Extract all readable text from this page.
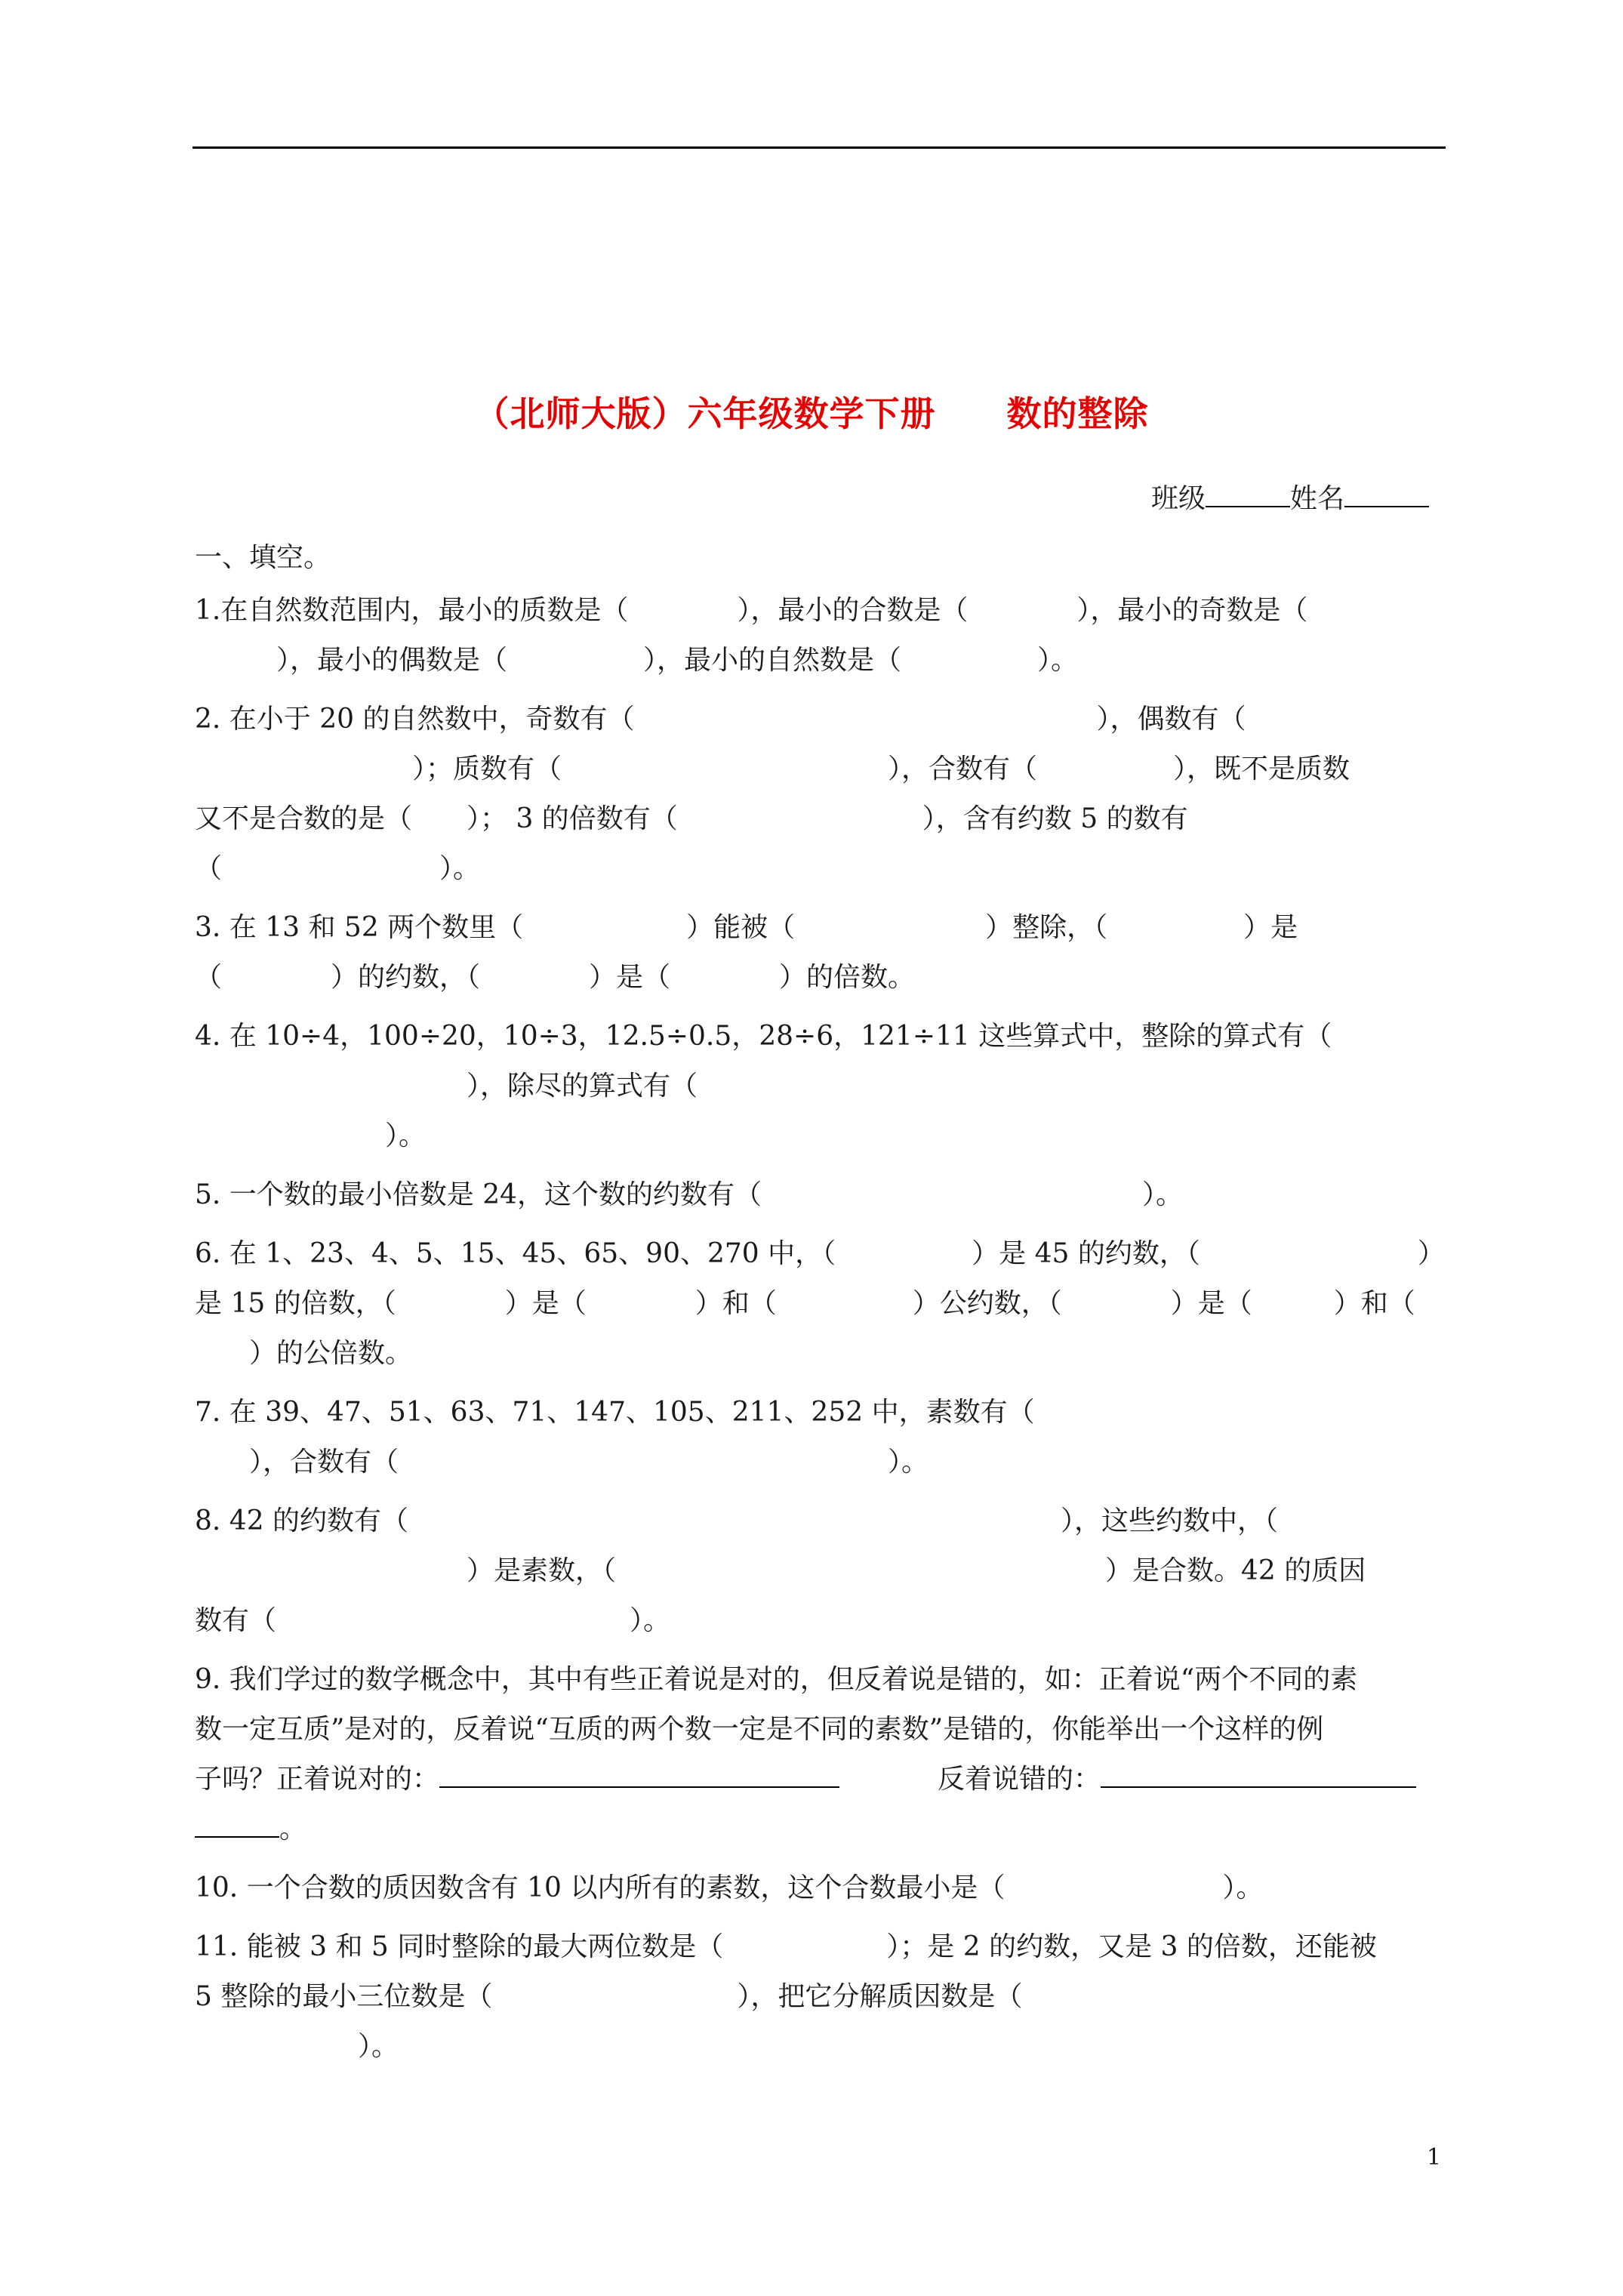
（北师大版）六年级数学下册　　数的整除
班级	姓名
一、填空。
1.在自然数范围内，最小的质数是（　　　　），最小的合数是（　　　　），最小的奇数是（
　　　），最小的偶数是（　　　　　），最小的自然数是（　　　　　）。
2. 在小于 20 的自然数中，奇数有（　　　　　　　　　　　　　　　　　），偶数有（
　　　　　　　　）；质数有（　　　　　　　　　　　　），合数有（　　　　　），既不是质数
又不是合数的是（　　）； 3 的倍数有（　　　　　　　　　），含有约数 5 的数有
（　　　　　　　　）。
3. 在 13 和 52 两个数里（　　　　　　）能被（　　　　　　　）整除，（　　　　　）是
（　　　　）的约数，（　　　　）是（　　　　）的倍数。
4. 在 10÷4，100÷20，10÷3，12.5÷0.5，28÷6，121÷11 这些算式中，整除的算式有（
　　　　　　　　　　），除尽的算式有（
　　　　　　　）。
5. 一个数的最小倍数是 24，这个数的约数有（　　　　　　　　　　　　　　）。
6. 在 1、23、4、5、15、45、65、90、270 中，（　　　　　）是 45 的约数，（　　　　　　　　）
是 15 的倍数，（　　　　）是（　　　　）和（　　　　　）公约数，（　　　　）是（　　　）和（
　　）的公倍数。
7. 在 39、47、51、63、71、147、105、211、252 中，素数有（
　　），合数有（　　　　　　　　　　　　　　　　　　）。
8. 42 的约数有（　　　　　　　　　　　　　　　　　　　　　　　　），这些约数中，（
　　　　　　　　　　）是素数，（　　　　　　　　　　　　　　　　　　）是合数。42 的质因
数有（　　　　　　　　　　　　　）。
9. 我们学过的数学概念中，其中有些正着说是对的，但反着说是错的，如：正着说“两个不同的素
数一定互质”是对的，反着说“互质的两个数一定是不同的素数”是错的，你能举出一个这样的例
子吗？正着说对的：	反着说错的：
。
10. 一个合数的质因数含有 10 以内所有的素数，这个合数最小是（　　　　　　　　）。
11. 能被 3 和 5 同时整除的最大两位数是（　　　　　　）；是 2 的约数，又是 3 的倍数，还能被
5 整除的最小三位数是（　　　　　　　　　），把它分解质因数是（
　　　　　　）。
1
